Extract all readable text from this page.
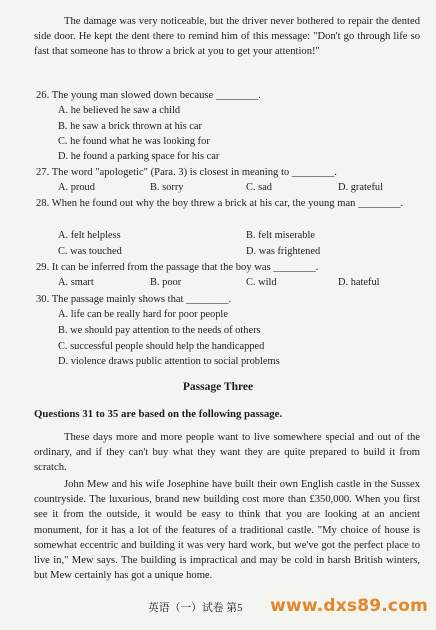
The damage was very noticeable, but the driver never bothered to repair the dented side door. He kept the dent there to remind him of this message: "Don't go through life so fast that someone has to throw a brick at you to get your attention!"

26. The young man slowed down because ________.
A. he believed he saw a child
B. he saw a brick thrown at his car
C. he found what he was looking for
D. he found a parking space for his car
27. The word "apologetic" (Para. 3) is closest in meaning to ________.
A. proud	B. sorry	C. sad	D. grateful
28. When he found out why the boy threw a brick at his car, the young man ________.
A. felt helpless	B. felt miserable
C. was touched	D. was frightened
29. It can be inferred from the passage that the boy was ________.
A. smart	B. poor	C. wild	D. hateful
30. The passage mainly shows that ________.
A. life can be really hard for poor people
B. we should pay attention to the needs of others
C. successful people should help the handicapped
D. violence draws public attention to social problems
Passage Three
Questions 31 to 35 are based on the following passage.

These days more and more people want to live somewhere special and out of the ordinary, and if they can't buy what they want they are quite prepared to build it from scratch.

John Mew and his wife Josephine have built their own English castle in the Sussex countryside. The luxurious, brand new building cost more than £350,000. When you first see it from the outside, it would be easy to think that you are looking at an ancient monument, for it has a lot of the features of a traditional castle. "My choice of house is somewhat eccentric and building it was very hard work, but we've got the perfect place to live in," Mew says. The building is impractical and may be cold in harsh British winters, but Mew certainly has got a unique home.

英语（一）试卷 第5 www.dxs89.com
